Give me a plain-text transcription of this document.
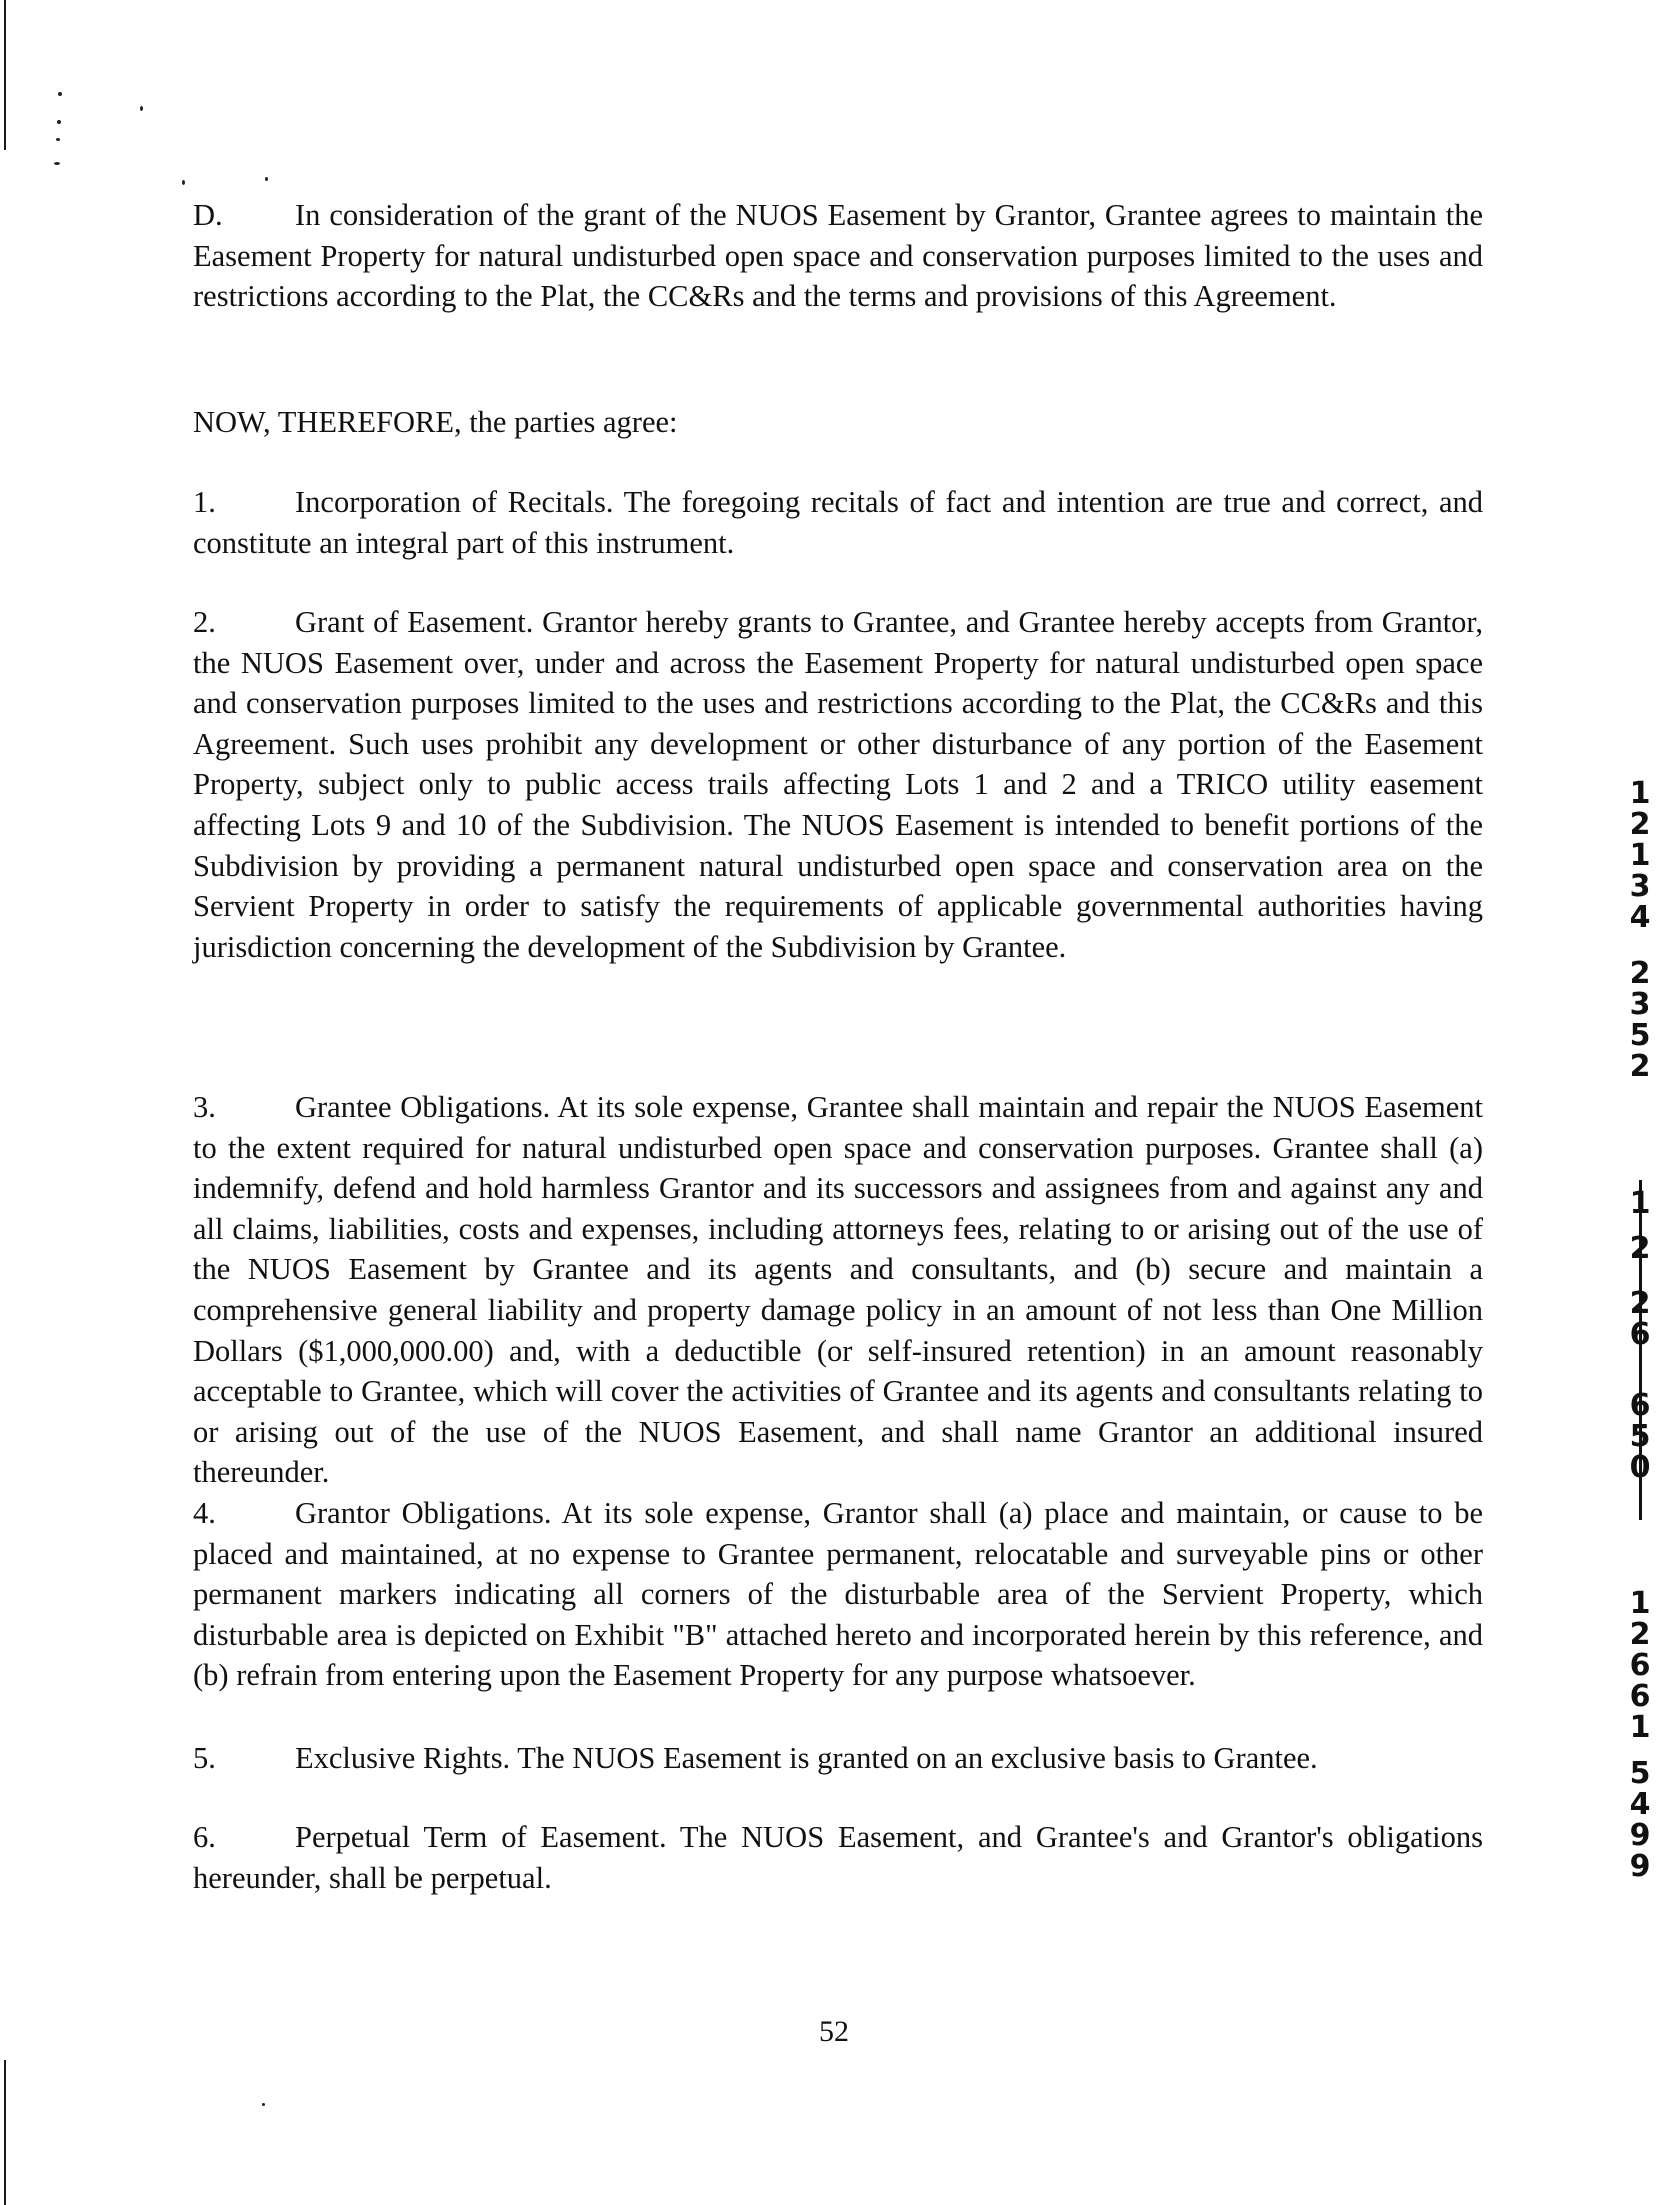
D. In consideration of the grant of the NUOS Easement by Grantor, Grantee agrees to maintain the Easement Property for natural undisturbed open space and conservation purposes limited to the uses and restrictions according to the Plat, the CC&Rs and the terms and provisions of this Agreement.

NOW, THEREFORE, the parties agree:

1.	Incorporation of Recitals. The foregoing recitals of fact and intention are true and correct, and constitute an integral part of this instrument.

2.	Grant of Easement. Grantor hereby grants to Grantee, and Grantee hereby accepts from Grantor, the NUOS Easement over, under and across the Easement Property for natural undisturbed open space and conservation purposes limited to the uses and restrictions according to the Plat, the CC&Rs and this Agreement. Such uses prohibit any development or other disturbance of any portion of the Easement Property, subject only to public access trails affecting Lots 1 and 2 and a TRICO utility easement affecting Lots 9 and 10 of the Subdivision. The NUOS Easement is intended to benefit portions of the Subdivision by providing a permanent natural undisturbed open space and conservation area on the Servient Property in order to satisfy the requirements of applicable governmental authorities having jurisdiction concerning the development of the Subdivision by Grantee.

3.	Grantee Obligations. At its sole expense, Grantee shall maintain and repair the NUOS Easement to the extent required for natural undisturbed open space and conservation purposes. Grantee shall (a) indemnify, defend and hold harmless Grantor and its successors and assignees from and against any and all claims, liabilities, costs and expenses, including attorneys fees, relating to or arising out of the use of the NUOS Easement by Grantee and its agents and consultants, and (b) secure and maintain a comprehensive general liability and property damage policy in an amount of not less than One Million Dollars ($1,000,000.00) and, with a deductible (or self-insured retention) in an amount reasonably acceptable to Grantee, which will cover the activities of Grantee and its agents and consultants relating to or arising out of the use of the NUOS Easement, and shall name Grantor an additional insured thereunder.

4.	Grantor Obligations. At its sole expense, Grantor shall (a) place and maintain, or cause to be placed and maintained, at no expense to Grantee permanent, relocatable and surveyable pins or other permanent markers indicating all corners of the disturbable area of the Servient Property, which disturbable area is depicted on Exhibit "B" attached hereto and incorporated herein by this reference, and (b) refrain from entering upon the Easement Property for any purpose whatsoever.

5.	Exclusive Rights. The NUOS Easement is granted on an exclusive basis to Grantee.

6.	Perpetual Term of Easement. The NUOS Easement, and Grantee's and Grantor's obligations hereunder, shall be perpetual.

52
1
2
1
3
4
2
3
5
2
1
2
2
6
6
5
0
1
2
6
6
1
5
4
9
9
